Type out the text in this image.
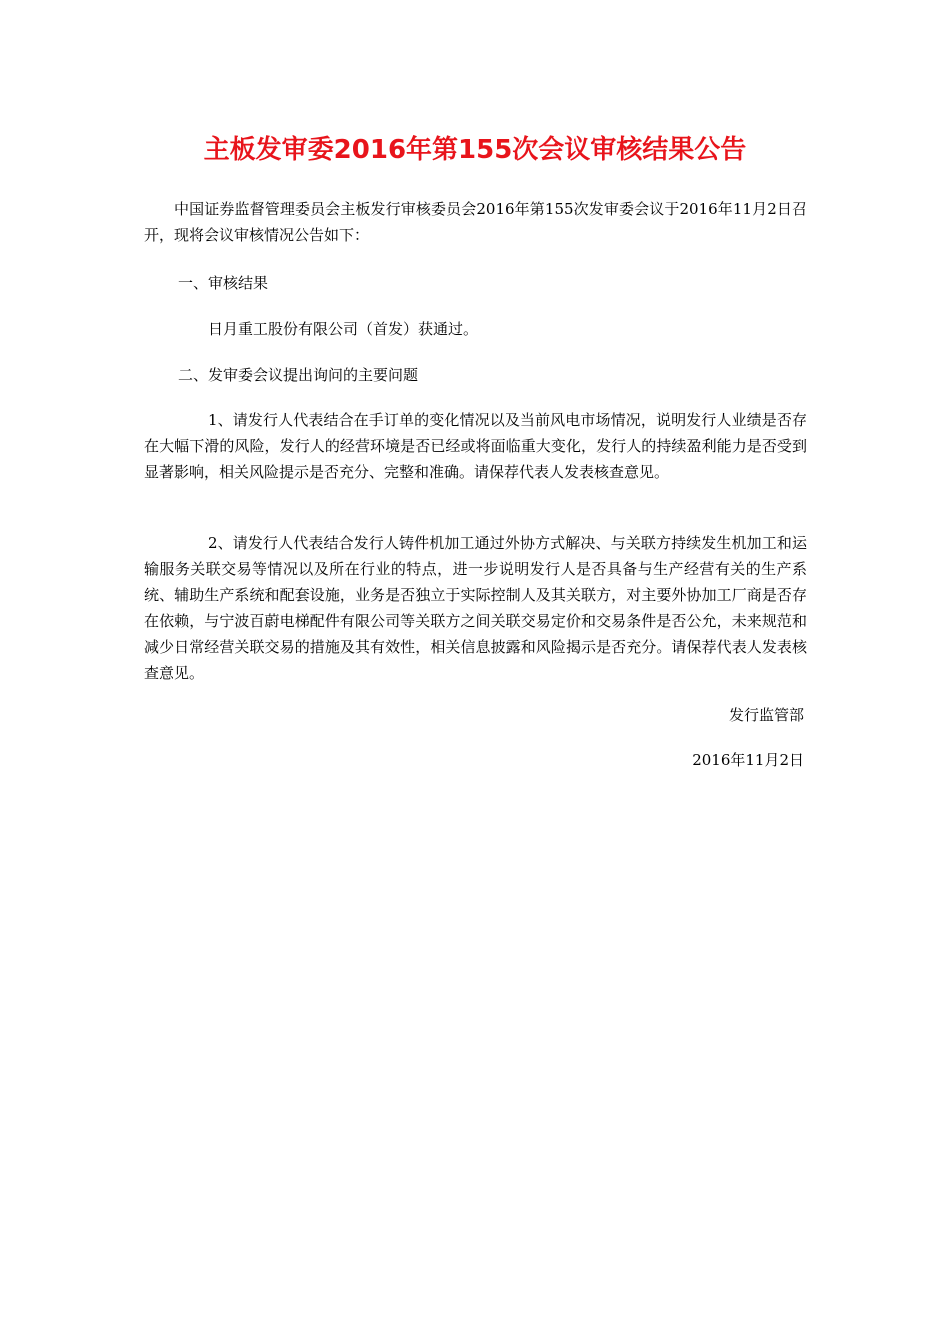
主板发审委2016年第155次会议审核结果公告

中国证券监督管理委员会主板发行审核委员会2016年第155次发审委会议于2016年11月2日召开，现将会议审核情况公告如下：

一、审核结果

日月重工股份有限公司（首发）获通过。

二、发审委会议提出询问的主要问题

1、请发行人代表结合在手订单的变化情况以及当前风电市场情况，说明发行人业绩是否存在大幅下滑的风险，发行人的经营环境是否已经或将面临重大变化，发行人的持续盈利能力是否受到显著影响，相关风险提示是否充分、完整和准确。请保荐代表人发表核查意见。

2、请发行人代表结合发行人铸件机加工通过外协方式解决、与关联方持续发生机加工和运输服务关联交易等情况以及所在行业的特点，进一步说明发行人是否具备与生产经营有关的生产系统、辅助生产系统和配套设施，业务是否独立于实际控制人及其关联方，对主要外协加工厂商是否存在依赖，与宁波百蔚电梯配件有限公司等关联方之间关联交易定价和交易条件是否公允，未来规范和减少日常经营关联交易的措施及其有效性，相关信息披露和风险揭示是否充分。请保荐代表人发表核查意见。

发行监管部

2016年11月2日
